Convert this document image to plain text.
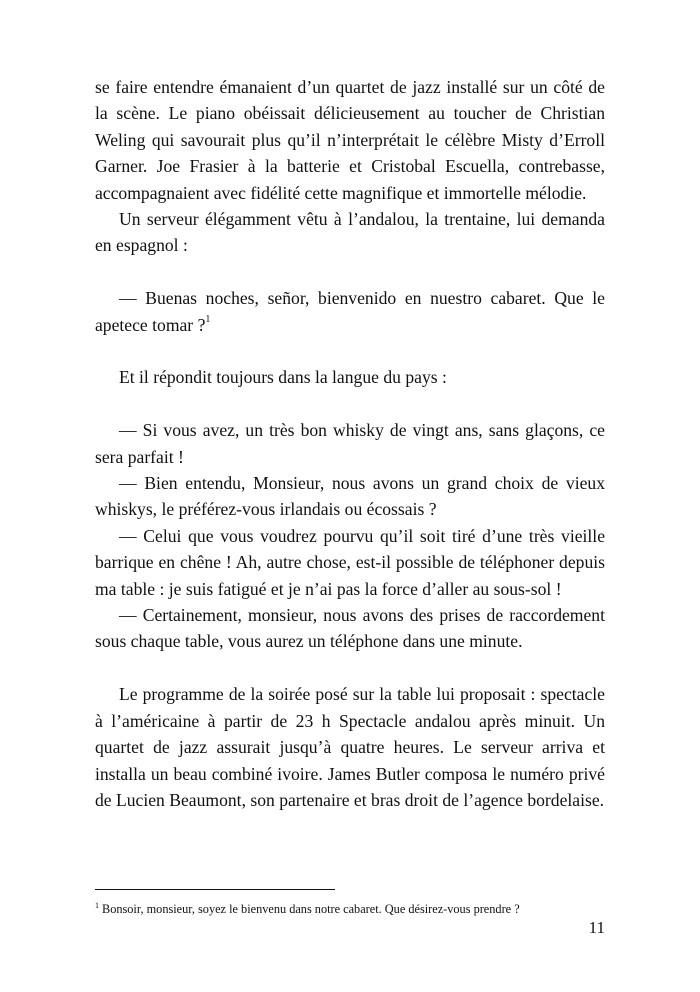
se faire entendre émanaient d’un quartet de jazz installé sur un côté de la scène. Le piano obéissait délicieusement au toucher de Christian Weling qui savourait plus qu’il n’interprétait le célèbre Misty d’Erroll Garner. Joe Frasier à la batterie et Cristobal Escuella, contrebasse, accompagnaient avec fidélité cette magnifique et immortelle mélodie.

Un serveur élégamment vêtu à l’andalou, la trentaine, lui demanda en espagnol :

— Buenas noches, señor, bienvenido en nuestro cabaret. Que le apetece tomar ?$^1$

Et il répondit toujours dans la langue du pays :

— Si vous avez, un très bon whisky de vingt ans, sans glaçons, ce sera parfait !

— Bien entendu, Monsieur, nous avons un grand choix de vieux whiskys, le préférez-vous irlandais ou écossais ?

— Celui que vous voudrez pourvu qu’il soit tiré d’une très vieille barrique en chêne ! Ah, autre chose, est-il possible de téléphoner depuis ma table : je suis fatigué et je n’ai pas la force d’aller au sous-sol !

— Certainement, monsieur, nous avons des prises de raccordement sous chaque table, vous aurez un téléphone dans une minute.

Le programme de la soirée posé sur la table lui proposait : spectacle à l’américaine à partir de 23 h Spectacle andalou après minuit. Un quartet de jazz assurait jusqu’à quatre heures. Le serveur arriva et installa un beau combiné ivoire. James Butler composa le numéro privé de Lucien Beaumont, son partenaire et bras droit de l’agence bordelaise.

$^1$ Bonsoir, monsieur, soyez le bienvenu dans notre cabaret. Que désirez-vous prendre ?
11
